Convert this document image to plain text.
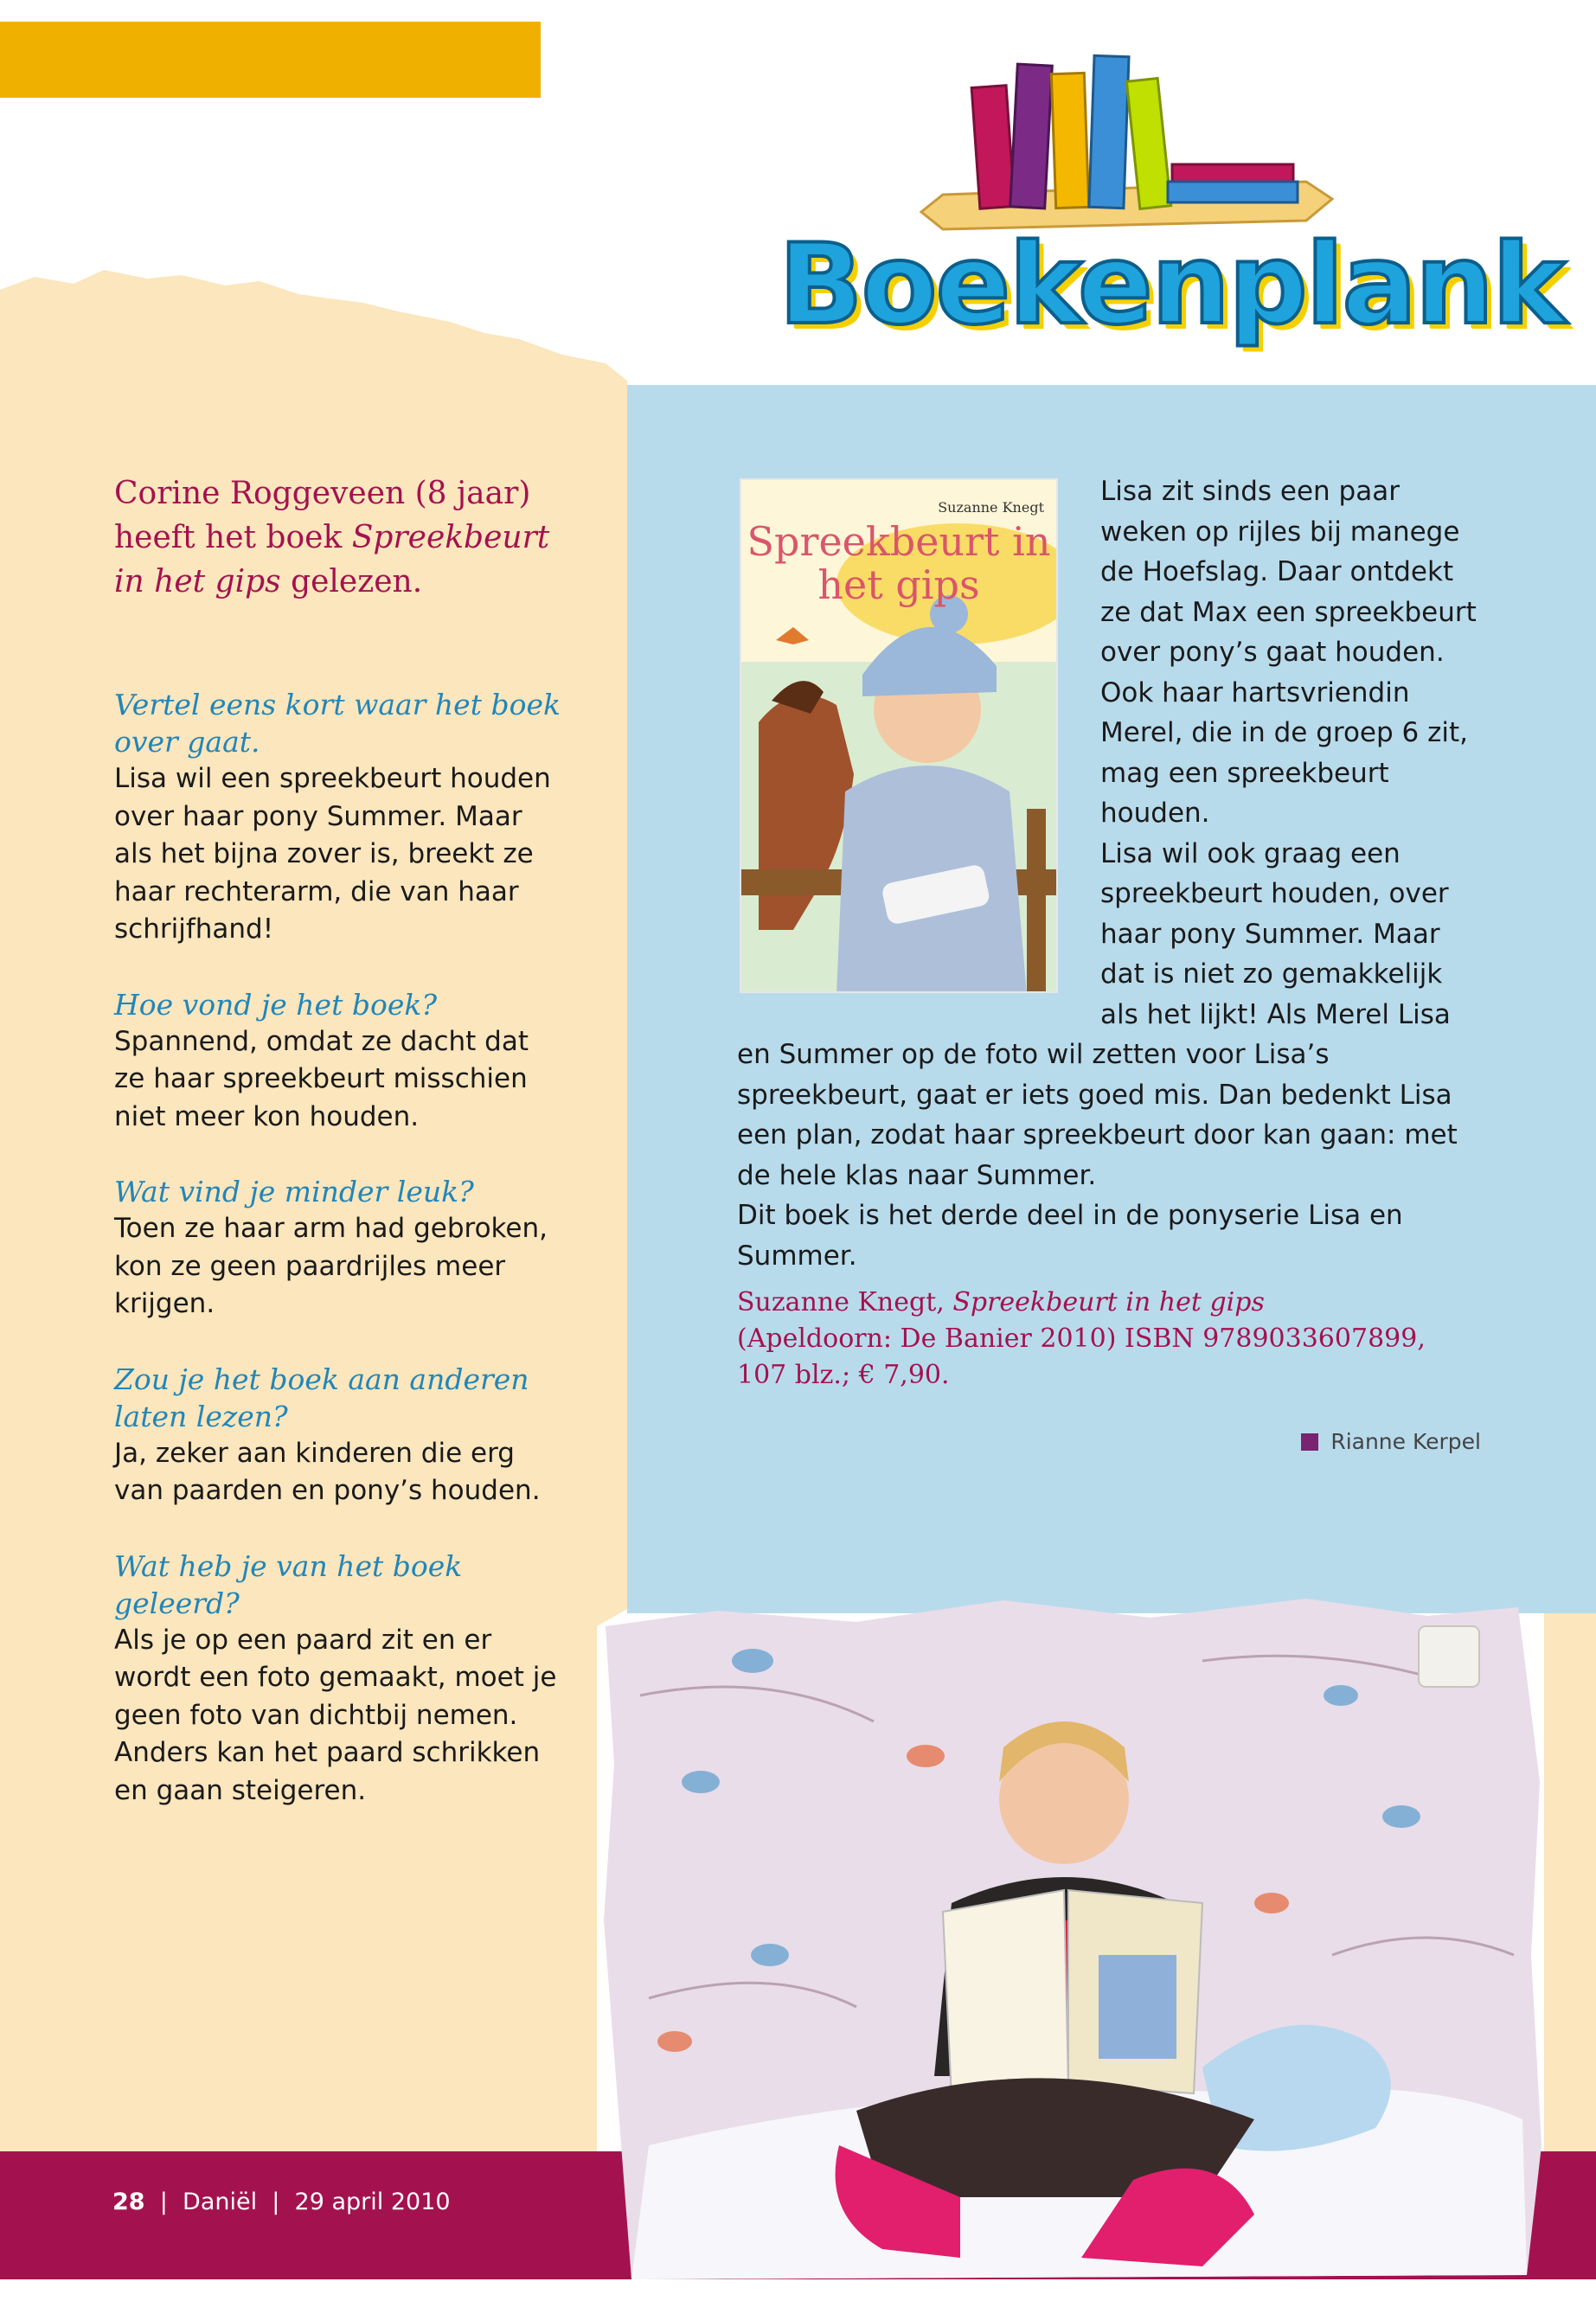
Boekenplank

Corine Roggeveen (8 jaar) heeft het boek Spreekbeurt in het gips gelezen.

Vertel eens kort waar het boek over gaat.

Lisa wil een spreekbeurt houden over haar pony Summer. Maar als het bijna zover is, breekt ze haar rechterarm, die van haar schrijfhand!

Hoe vond je het boek?

Spannend, omdat ze dacht dat ze haar spreekbeurt misschien niet meer kon houden.

Wat vind je minder leuk?

Toen ze haar arm had gebroken, kon ze geen paardrijles meer krijgen.

Zou je het boek aan anderen laten lezen?

Ja, zeker aan kinderen die erg van paarden en pony’s houden.

Wat heb je van het boek geleerd?

Als je op een paard zit en er wordt een foto gemaakt, moet je geen foto van dichtbij nemen. Anders kan het paard schrikken en gaan steigeren.

Suzanne Knegt
Spreekbeurt in het gips

Lisa zit sinds een paar weken op rijles bij manege de Hoefslag. Daar ontdekt ze dat Max een spreekbeurt over pony’s gaat houden. Ook haar hartsvriendin Merel, die in de groep 6 zit, mag een spreekbeurt houden.

Lisa wil ook graag een spreekbeurt houden, over haar pony Summer. Maar dat is niet zo gemakkelijk als het lijkt! Als Merel Lisa en Summer op de foto wil zetten voor Lisa’s spreekbeurt, gaat er iets goed mis. Dan bedenkt Lisa een plan, zodat haar spreekbeurt door kan gaan: met de hele klas naar Summer.

Dit boek is het derde deel in de ponyserie Lisa en Summer.

Suzanne Knegt, Spreekbeurt in het gips
(Apeldoorn: De Banier 2010) ISBN 9789033607899, 107 blz.; € 7,90.
Rianne Kerpel
28 | Daniël | 29 april 2010
